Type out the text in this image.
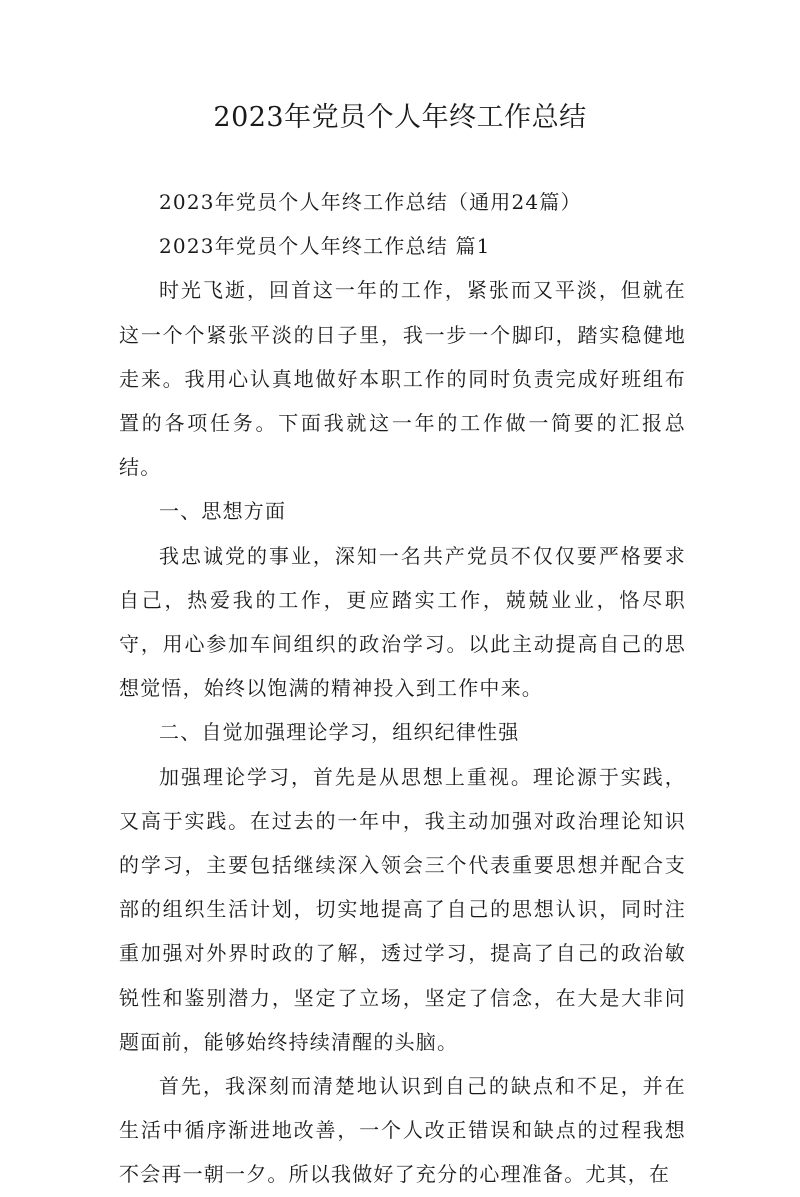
2023年党员个人年终工作总结

2023年党员个人年终工作总结（通用24篇）

2023年党员个人年终工作总结 篇1

时光飞逝，回首这一年的工作，紧张而又平淡，但就在这一个个紧张平淡的日子里，我一步一个脚印，踏实稳健地走来。我用心认真地做好本职工作的同时负责完成好班组布置的各项任务。下面我就这一年的工作做一简要的汇报总结。

一、思想方面

我忠诚党的事业，深知一名共产党员不仅仅要严格要求自己，热爱我的工作，更应踏实工作，兢兢业业，恪尽职守，用心参加车间组织的政治学习。以此主动提高自己的思想觉悟，始终以饱满的精神投入到工作中来。

二、自觉加强理论学习，组织纪律性强

加强理论学习，首先是从思想上重视。理论源于实践，又高于实践。在过去的一年中，我主动加强对政治理论知识的学习，主要包括继续深入领会三个代表重要思想并配合支部的组织生活计划，切实地提高了自己的思想认识，同时注重加强对外界时政的了解，透过学习，提高了自己的政治敏锐性和鉴别潜力，坚定了立场，坚定了信念，在大是大非问题面前，能够始终持续清醒的头脑。

首先，我深刻而清楚地认识到自己的缺点和不足，并在生活中循序渐进地改善，一个人改正错误和缺点的过程我想不会再一朝一夕。所以我做好了充分的心理准备。尤其，在
